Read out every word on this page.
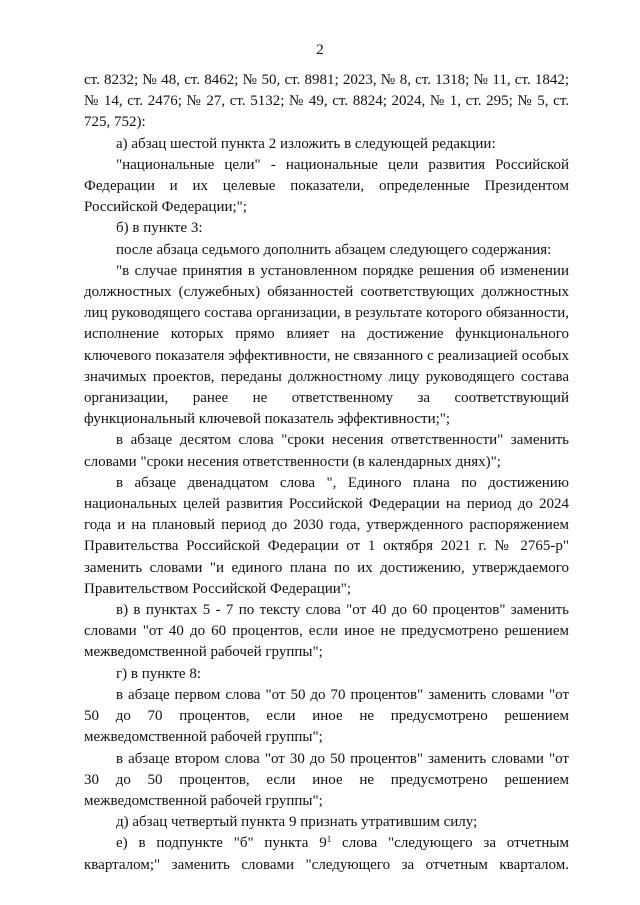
2

ст. 8232; № 48, ст. 8462; № 50, ст. 8981; 2023, № 8, ст. 1318; № 11, ст. 1842; № 14, ст. 2476; № 27, ст. 5132; № 49, ст. 8824; 2024, № 1, ст. 295; № 5, ст. 725, 752):

а) абзац шестой пункта 2 изложить в следующей редакции:

"национальные цели" - национальные цели развития Российской Федерации и их целевые показатели, определенные Президентом Российской Федерации;";

б) в пункте 3:

после абзаца седьмого дополнить абзацем следующего содержания:

"в случае принятия в установленном порядке решения об изменении должностных (служебных) обязанностей соответствующих должностных лиц руководящего состава организации, в результате которого обязанности, исполнение которых прямо влияет на достижение функционального ключевого показателя эффективности, не связанного с реализацией особых значимых проектов, переданы должностному лицу руководящего состава организации, ранее не ответственному за соответствующий функциональный ключевой показатель эффективности;";

в абзаце десятом слова "сроки несения ответственности" заменить словами "сроки несения ответственности (в календарных днях)";

в абзаце двенадцатом слова ", Единого плана по достижению национальных целей развития Российской Федерации на период до 2024 года и на плановый период до 2030 года, утвержденного распоряжением Правительства Российской Федерации от 1 октября 2021 г. № 2765-р" заменить словами "и единого плана по их достижению, утверждаемого Правительством Российской Федерации";

в) в пунктах 5 - 7 по тексту слова "от 40 до 60 процентов" заменить словами "от 40 до 60 процентов, если иное не предусмотрено решением межведомственной рабочей группы";

г) в пункте 8:

в абзаце первом слова "от 50 до 70 процентов" заменить словами "от 50 до 70 процентов, если иное не предусмотрено решением межведомственной рабочей группы";

в абзаце втором слова "от 30 до 50 процентов" заменить словами "от 30 до 50 процентов, если иное не предусмотрено решением межведомственной рабочей группы";

д) абзац четвертый пункта 9 признать утратившим силу;

е) в подпункте "б" пункта $9^1$ слова "следующего за отчетным кварталом;" заменить словами "следующего за отчетным кварталом.
